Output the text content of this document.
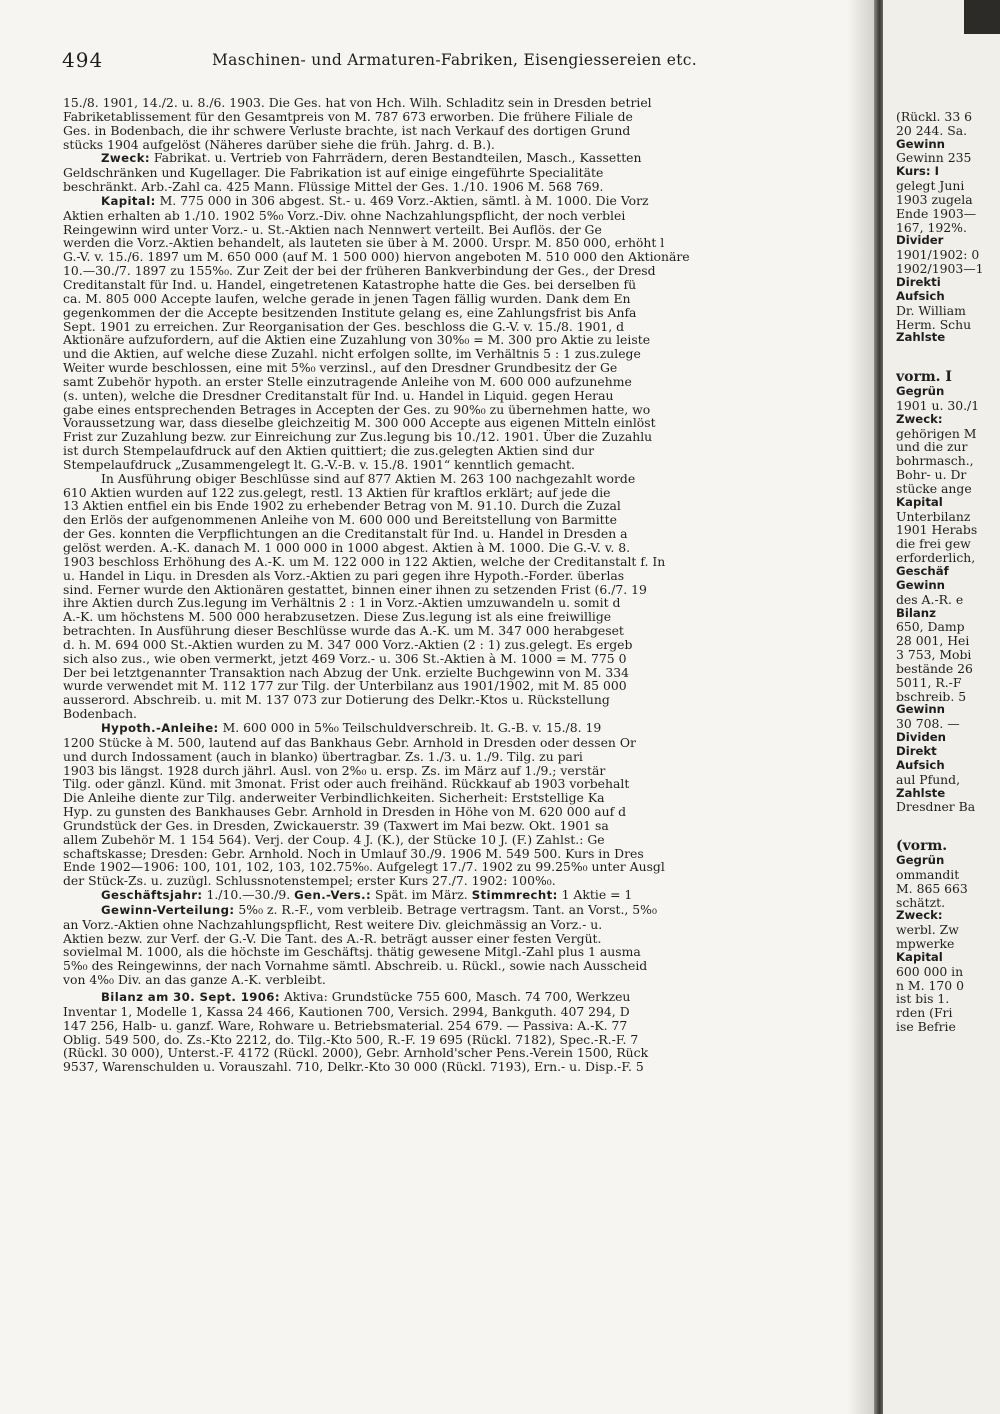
494	Maschinen- und Armaturen-Fabriken, Eisengiessereien etc.
15./8. 1901, 14./2. u. 8./6. 1903. Die Ges. hat von Hch. Wilh. Schladitz sein in Dresden betriel
Fabriketablissement für den Gesamtpreis von M. 787 673 erworben. Die frühere Filiale de
Ges. in Bodenbach, die ihr schwere Verluste brachte, ist nach Verkauf des dortigen Grund
stücks 1904 aufgelöst (Näheres darüber siehe die früh. Jahrg. d. B.).
Zweck: Fabrikat. u. Vertrieb von Fahrrädern, deren Bestandteilen, Masch., Kassetten
Geldschränken und Kugellager. Die Fabrikation ist auf einige eingeführte Specialitäte
beschränkt. Arb.-Zahl ca. 425 Mann. Flüssige Mittel der Ges. 1./10. 1906 M. 568 769.
Kapital: M. 775 000 in 306 abgest. St.- u. 469 Vorz.-Aktien, sämtl. à M. 1000. Die Vorz
Aktien erhalten ab 1./10. 1902 5%₀ Vorz.-Div. ohne Nachzahlungspflicht, der noch verblei
Reingewinn wird unter Vorz.- u. St.-Aktien nach Nennwert verteilt. Bei Auflös. der Ge
werden die Vorz.-Aktien behandelt, als lauteten sie über à M. 2000. Urspr. M. 850 000, erhöht l
G.-V. v. 15./6. 1897 um M. 650 000 (auf M. 1 500 000) hiervon angeboten M. 510 000 den Aktionäre
10.—30./7. 1897 zu 155%₀. Zur Zeit der bei der früheren Bankverbindung der Ges., der Dresd
Creditanstalt für Ind. u. Handel, eingetretenen Katastrophe hatte die Ges. bei derselben fü
ca. M. 805 000 Accepte laufen, welche gerade in jenen Tagen fällig wurden. Dank dem En
gegenkommen der die Accepte besitzenden Institute gelang es, eine Zahlungsfrist bis Anfa
Sept. 1901 zu erreichen. Zur Reorganisation der Ges. beschloss die G.-V. v. 15./8. 1901, d
Aktionäre aufzufordern, auf die Aktien eine Zuzahlung von 30%₀ = M. 300 pro Aktie zu leiste
und die Aktien, auf welche diese Zuzahl. nicht erfolgen sollte, im Verhältnis 5 : 1 zus.zulege
Weiter wurde beschlossen, eine mit 5%₀ verzinsl., auf den Dresdner Grundbesitz der Ge
samt Zubehör hypoth. an erster Stelle einzutragende Anleihe von M. 600 000 aufzunehme
(s. unten), welche die Dresdner Creditanstalt für Ind. u. Handel in Liquid. gegen Herau
gabe eines entsprechenden Betrages in Accepten der Ges. zu 90%₀ zu übernehmen hatte, wo
Voraussetzung war, dass dieselbe gleichzeitig M. 300 000 Accepte aus eigenen Mitteln einlöst
Frist zur Zuzahlung bezw. zur Einreichung zur Zus.legung bis 10./12. 1901. Über die Zuzahlu
ist durch Stempelaufdruck auf den Aktien quittiert; die zus.gelegten Aktien sind dur
Stempelaufdruck „Zusammengelegt lt. G.-V.-B. v. 15./8. 1901“ kenntlich gemacht.
In Ausführung obiger Beschlüsse sind auf 877 Aktien M. 263 100 nachgezahlt worde
610 Aktien wurden auf 122 zus.gelegt, restl. 13 Aktien für kraftlos erklärt; auf jede die
13 Aktien entfiel ein bis Ende 1902 zu erhebender Betrag von M. 91.10. Durch die Zuzal
den Erlös der aufgenommenen Anleihe von M. 600 000 und Bereitstellung von Barmitte
der Ges. konnten die Verpflichtungen an die Creditanstalt für Ind. u. Handel in Dresden a
gelöst werden. A.-K. danach M. 1 000 000 in 1000 abgest. Aktien à M. 1000. Die G.-V. v. 8.
1903 beschloss Erhöhung des A.-K. um M. 122 000 in 122 Aktien, welche der Creditanstalt f. In
u. Handel in Liqu. in Dresden als Vorz.-Aktien zu pari gegen ihre Hypoth.-Forder. überlas
sind. Ferner wurde den Aktionären gestattet, binnen einer ihnen zu setzenden Frist (6./7. 19
ihre Aktien durch Zus.legung im Verhältnis 2 : 1 in Vorz.-Aktien umzuwandeln u. somit d
A.-K. um höchstens M. 500 000 herabzusetzen. Diese Zus.legung ist als eine freiwillige
betrachten. In Ausführung dieser Beschlüsse wurde das A.-K. um M. 347 000 herabgeset
d. h. M. 694 000 St.-Aktien wurden zu M. 347 000 Vorz.-Aktien (2 : 1) zus.gelegt. Es ergeb
sich also zus., wie oben vermerkt, jetzt 469 Vorz.- u. 306 St.-Aktien à M. 1000 = M. 775 0
Der bei letztgenannter Transaktion nach Abzug der Unk. erzielte Buchgewinn von M. 334
wurde verwendet mit M. 112 177 zur Tilg. der Unterbilanz aus 1901/1902, mit M. 85 000
ausserord. Abschreib. u. mit M. 137 073 zur Dotierung des Delkr.-Ktos u. Rückstellung
Bodenbach.
Hypoth.-Anleihe: M. 600 000 in 5%₀ Teilschuldverschreib. lt. G.-B. v. 15./8. 19
1200 Stücke à M. 500, lautend auf das Bankhaus Gebr. Arnhold in Dresden oder dessen Or
und durch Indossament (auch in blanko) übertragbar. Zs. 1./3. u. 1./9. Tilg. zu pari
1903 bis längst. 1928 durch jährl. Ausl. von 2%₀ u. ersp. Zs. im März auf 1./9.; verstär
Tilg. oder gänzl. Künd. mit 3monat. Frist oder auch freihänd. Rückkauf ab 1903 vorbehalt
Die Anleihe diente zur Tilg. anderweiter Verbindlichkeiten. Sicherheit: Erststellige Ka
Hyp. zu gunsten des Bankhauses Gebr. Arnhold in Dresden in Höhe von M. 620 000 auf d
Grundstück der Ges. in Dresden, Zwickauerstr. 39 (Taxwert im Mai bezw. Okt. 1901 sa
allem Zubehör M. 1 154 564). Verj. der Coup. 4 J. (K.), der Stücke 10 J. (F.) Zahlst.: Ge
schaftskasse; Dresden: Gebr. Arnhold. Noch in Umlauf 30./9. 1906 M. 549 500. Kurs in Dres
Ende 1902—1906: 100, 101, 102, 103, 102.75%₀. Aufgelegt 17./7. 1902 zu 99.25%₀ unter Ausgl
der Stück-Zs. u. zuzügl. Schlussnotenstempel; erster Kurs 27./7. 1902: 100%₀.
Geschäftsjahr: 1./10.—30./9. Gen.-Vers.: Spät. im März. Stimmrecht: 1 Aktie = 1
Gewinn-Verteilung: 5%₀ z. R.-F., vom verbleib. Betrage vertragsm. Tant. an Vorst., 5%₀
an Vorz.-Aktien ohne Nachzahlungspflicht, Rest weitere Div. gleichmässig an Vorz.- u.
Aktien bezw. zur Verf. der G.-V. Die Tant. des A.-R. beträgt ausser einer festen Vergüt.
sovielmal M. 1000, als die höchste im Geschäftsj. thätig gewesene Mitgl.-Zahl plus 1 ausma
5%₀ des Reingewinns, der nach Vornahme sämtl. Abschreib. u. Rückl., sowie nach Ausscheid
von 4%₀ Div. an das ganze A.-K. verbleibt.
Bilanz am 30. Sept. 1906: Aktiva: Grundstücke 755 600, Masch. 74 700, Werkzeu
Inventar 1, Modelle 1, Kassa 24 466, Kautionen 700, Versich. 2994, Bankguth. 407 294, D
147 256, Halb- u. ganzf. Ware, Rohware u. Betriebsmaterial. 254 679. — Passiva: A.-K. 77
Oblig. 549 500, do. Zs.-Kto 2212, do. Tilg.-Kto 500, R.-F. 19 695 (Rückl. 7182), Spec.-R.-F. 7
(Rückl. 30 000), Unterst.-F. 4172 (Rückl. 2000), Gebr. Arnhold'scher Pens.-Verein 1500, Rück
9537, Warenschulden u. Vorauszahl. 710, Delkr.-Kto 30 000 (Rückl. 7193), Ern.- u. Disp.-F. 5

(Rückl. 33 6
20 244. Sa.
Gewinn
Gewinn 235
Kurs: I
gelegt Juni
1903 zugela
Ende 1903—
167, 192%.
Divider
1901/1902: 0
1902/1903—1
Direkti
Aufsich
Dr. William
Herm. Schu
Zahlste
vorm. I
Gegrün
1901 u. 30./1
Zweck:
gehörigen M
und die zur
bohrmasch.,
Bohr- u. Dr
stücke ange
Kapital
Unterbilanz
1901 Herabs
die frei gew
erforderlich,
Geschäf
Gewinn
des A.-R. e
Bilanz
650, Damp
28 001, Hei
3 753, Mobi
bestände 26
5011, R.-F
bschreib. 5
Gewinn
30 708. —
Dividen
Direkt
Aufsich
aul Pfund,
Zahlste
Dresdner Ba
(vorm.
Gegrün
ommandit
M. 865 663
schätzt.
Zweck:
werbl. Zw
mpwerke
Kapital
600 000 in
n M. 170 0
ist bis 1.
rden (Fri
ise Befrie
